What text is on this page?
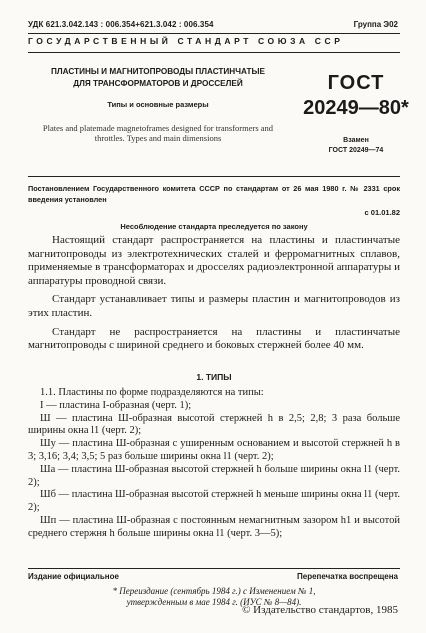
УДК 621.3.042.143 : 006.354+621.3.042 : 006.354	Группа Э02
ГОСУДАРСТВЕННЫЙ СТАНДАРТ СОЮЗА ССР
ПЛАСТИНЫ И МАГНИТОПРОВОДЫ ПЛАСТИНЧАТЫЕ
ДЛЯ ТРАНСФОРМАТОРОВ И ДРОССЕЛЕЙ
Типы и основные размеры
Plates and platemade magnetoframes designed for transformers and throttles. Types and main dimensions
ГОСТ
20249—80*
Взамен
ГОСТ 20249—74
Постановлением Государственного комитета СССР по стандартам от 26 мая 1980 г. № 2331 срок введения установлен
с 01.01.82
Несоблюдение стандарта преследуется по закону

Настоящий стандарт распространяется на пластины и пластинчатые магнитопроводы из электротехнических сталей и ферромагнитных сплавов, применяемые в трансформаторах и дросселях радиоэлектронной аппаратуры и аппаратуры проводной связи.

Стандарт устанавливает типы и размеры пластин и магнитопроводов из этих пластин.

Стандарт не распространяется на пластины и пластинчатые магнитопроводы с шириной среднего и боковых стержней более 40 мм.

1. ТИПЫ

1.1. Пластины по форме подразделяются на типы:

I — пластина I-образная (черт. 1);

Ш — пластина Ш-образная высотой стержней h в 2,5; 2,8; 3 раза больше ширины окна l1 (черт. 2);

Шу — пластина Ш-образная с уширенным основанием и высотой стержней h в 3; 3,16; 3,4; 3,5; 5 раз больше ширины окна l1 (черт. 2);

Ша — пластина Ш-образная высотой стержней h больше ширины окна l1 (черт. 2);

Шб — пластина Ш-образная высотой стержней h меньше ширины окна l1 (черт. 2);

Шп — пластина Ш-образная с постоянным немагнитным зазором h1 и высотой среднего стержня h больше ширины окна l1 (черт. 3—5);

Издание официальное	Перепечатка воспрещена
* Переиздание (сентябрь 1984 г.) с Изменением № 1,
утвержденным в мае 1984 г. (ИУС № 8—84).
© Издательство стандартов, 1985
